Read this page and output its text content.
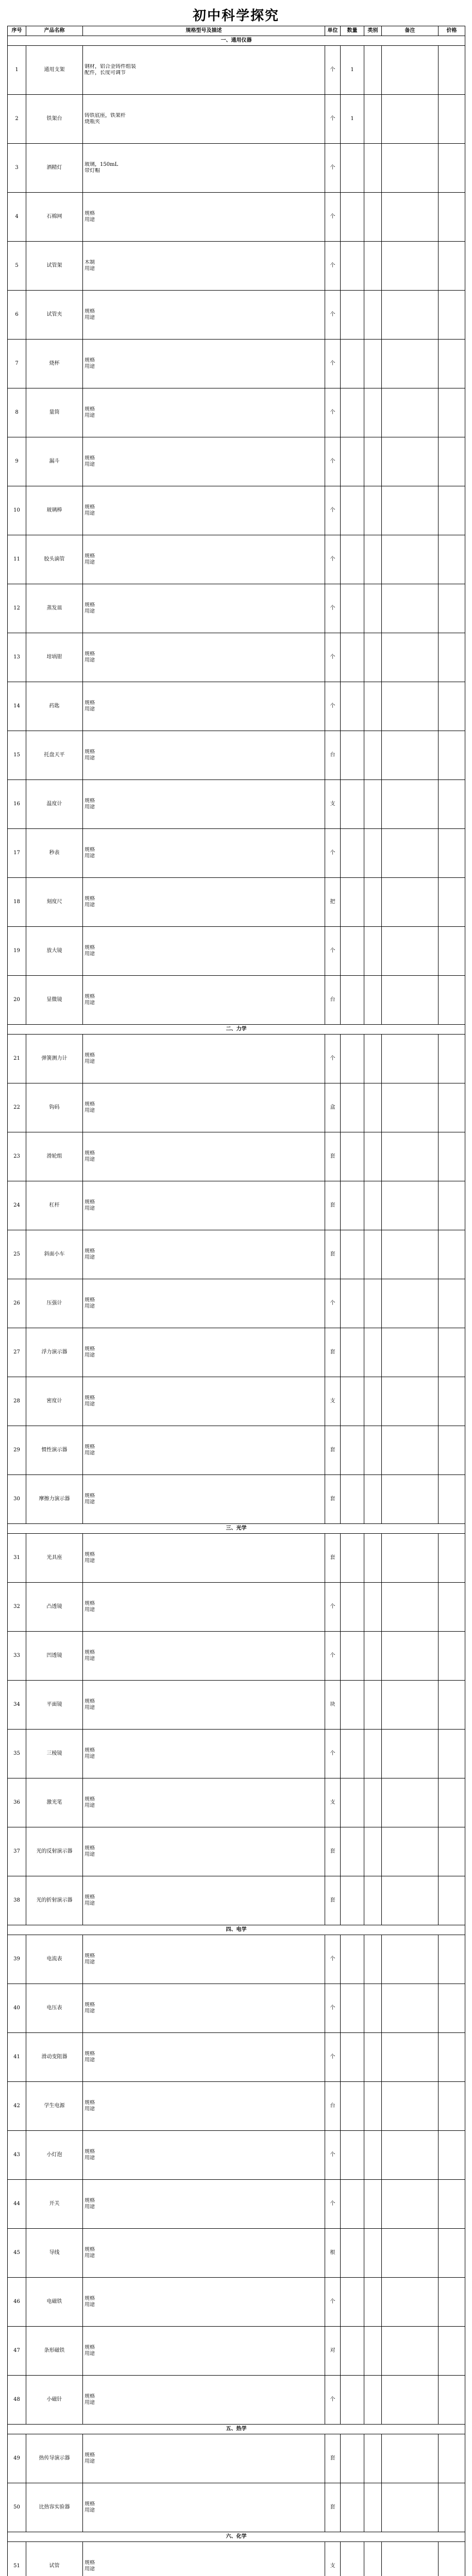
初中科学探究
序号	产品名称	规格型号及描述	单位	数量	类别	备注	价格
一、通用仪器							
1	通用支架	钢材，铝合金铸件组装
配件，长度可调节	个	1			
2	铁架台	铸铁底座，铁架杆
烧瓶夹	个	1			
3	酒精灯	玻璃，150mL
带灯帽	个				
4	石棉网	规格
用途	个				
5	试管架	木制
用途	个				
6	试管夹	规格
用途	个				
7	烧杯	规格
用途	个				
8	量筒	规格
用途	个				
9	漏斗	规格
用途	个				
10	玻璃棒	规格
用途	个				
11	胶头滴管	规格
用途	个				
12	蒸发皿	规格
用途	个				
13	坩埚钳	规格
用途	个				
14	药匙	规格
用途	个				
15	托盘天平	规格
用途	台				
16	温度计	规格
用途	支				
17	秒表	规格
用途	个				
18	刻度尺	规格
用途	把				
19	放大镜	规格
用途	个				
20	显微镜	规格
用途	台				
二、力学							
21	弹簧测力计	规格
用途	个				
22	钩码	规格
用途	盒				
23	滑轮组	规格
用途	套				
24	杠杆	规格
用途	套				
25	斜面小车	规格
用途	套				
26	压强计	规格
用途	个				
27	浮力演示器	规格
用途	套				
28	密度计	规格
用途	支				
29	惯性演示器	规格
用途	套				
30	摩擦力演示器	规格
用途	套				
三、光学							
31	光具座	规格
用途	套				
32	凸透镜	规格
用途	个				
33	凹透镜	规格
用途	个				
34	平面镜	规格
用途	块				
35	三棱镜	规格
用途	个				
36	激光笔	规格
用途	支				
37	光的反射演示器	规格
用途	套				
38	光的折射演示器	规格
用途	套				
四、电学							
39	电流表	规格
用途	个				
40	电压表	规格
用途	个				
41	滑动变阻器	规格
用途	个				
42	学生电源	规格
用途	台				
43	小灯泡	规格
用途	个				
44	开关	规格
用途	个				
45	导线	规格
用途	根				
46	电磁铁	规格
用途	个				
47	条形磁铁	规格
用途	对				
48	小磁针	规格
用途	个				
五、热学							
49	热传导演示器	规格
用途	套				
50	比热容实验器	规格
用途	套				
六、化学							
51	试管	规格
用途	支				
